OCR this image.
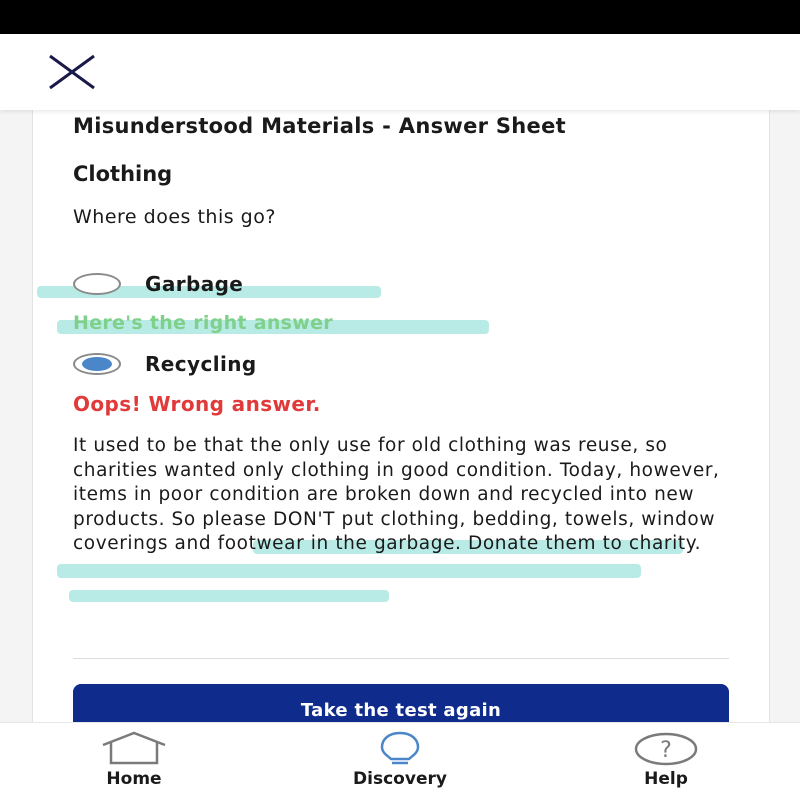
Misunderstood Materials - Answer Sheet
Clothing
Where does this go?
Garbage
Here's the right answer
Recycling
Oops! Wrong answer.
It used to be that the only use for old clothing was reuse, so charities wanted only clothing in good condition. Today, however, items in poor condition are broken down and recycled into new products. So please DON'T put clothing, bedding, towels, window coverings and footwear in the garbage. Donate them to charity.
Take the test again
Home	Discovery
?
Help
